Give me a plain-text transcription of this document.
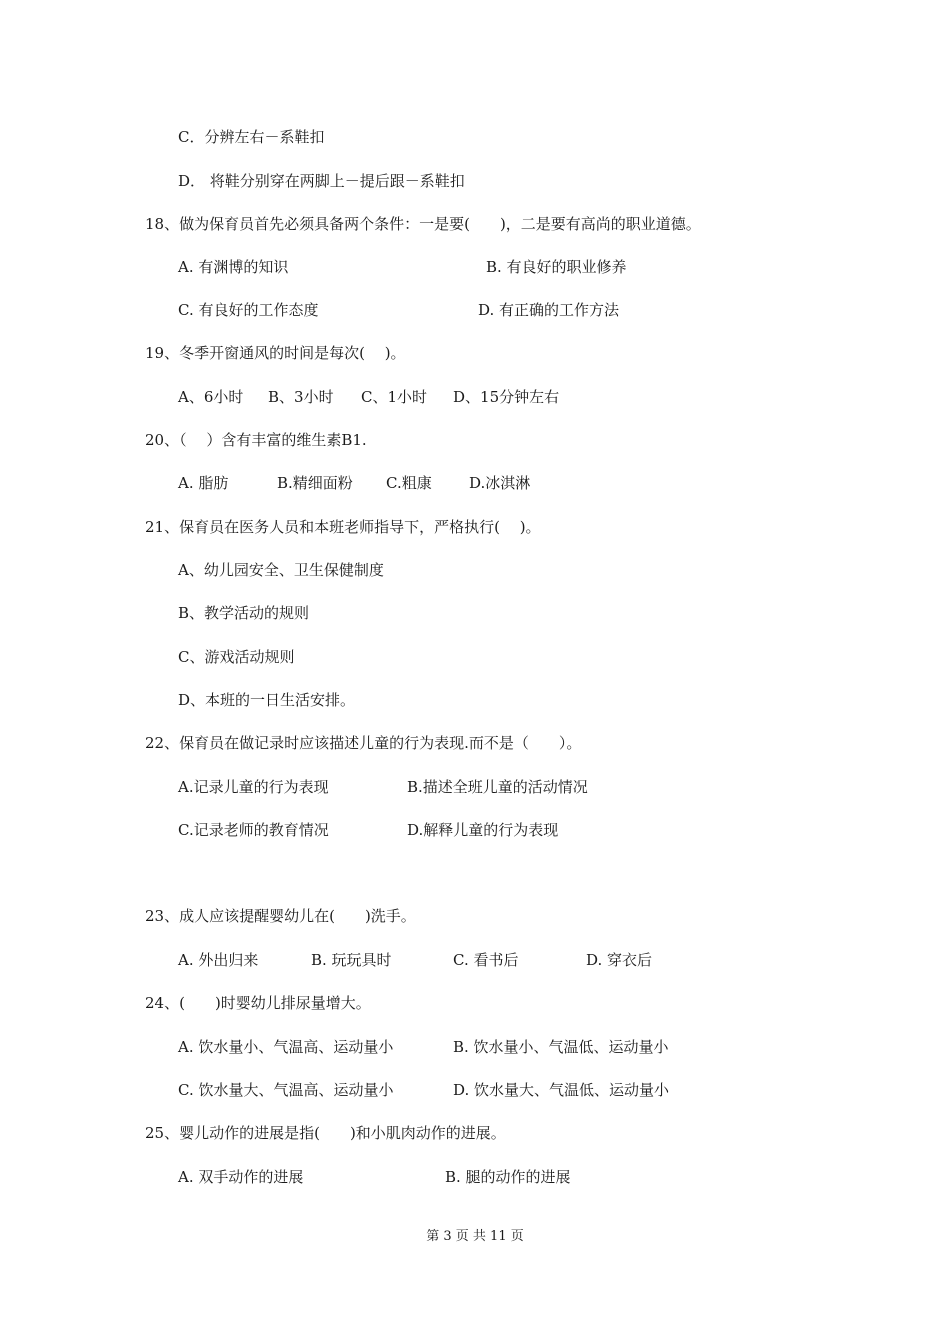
C．分辨左右－系鞋扣
D． 将鞋分别穿在两脚上－提后跟－系鞋扣
18、做为保育员首先必须具备两个条件：一是要(　　)，二是要有高尚的职业道德。
A. 有渊博的知识	B. 有良好的职业修养
C. 有良好的工作态度	D. 有正确的工作方法
19、冬季开窗通风的时间是每次(　 )。
A、6小时 B、3小时 C、1小时 D、15分钟左右
20、（　 ）含有丰富的维生素B1.
A. 脂肪	B.精细面粉 C.粗康 D.冰淇淋
21、保育员在医务人员和本班老师指导下，严格执行(　 )。
A、幼儿园安全、卫生保健制度
B、教学活动的规则
C、游戏活动规则
D、本班的一日生活安排。
22、保育员在做记录时应该描述儿童的行为表现.而不是（　　）。
A.记录儿童的行为表现	B.描述全班儿童的活动情况
C.记录老师的教育情况	D.解释儿童的行为表现
23、成人应该提醒婴幼儿在(　　)洗手。
A. 外出归来	B. 玩玩具时	C. 看书后	D. 穿衣后
24、(　　)时婴幼儿排尿量增大。
A. 饮水量小、气温高、运动量小	B. 饮水量小、气温低、运动量小
C. 饮水量大、气温高、运动量小	D. 饮水量大、气温低、运动量小
25、婴儿动作的进展是指(　　)和小肌肉动作的进展。
A. 双手动作的进展	B. 腿的动作的进展
第 3 页 共 11 页
